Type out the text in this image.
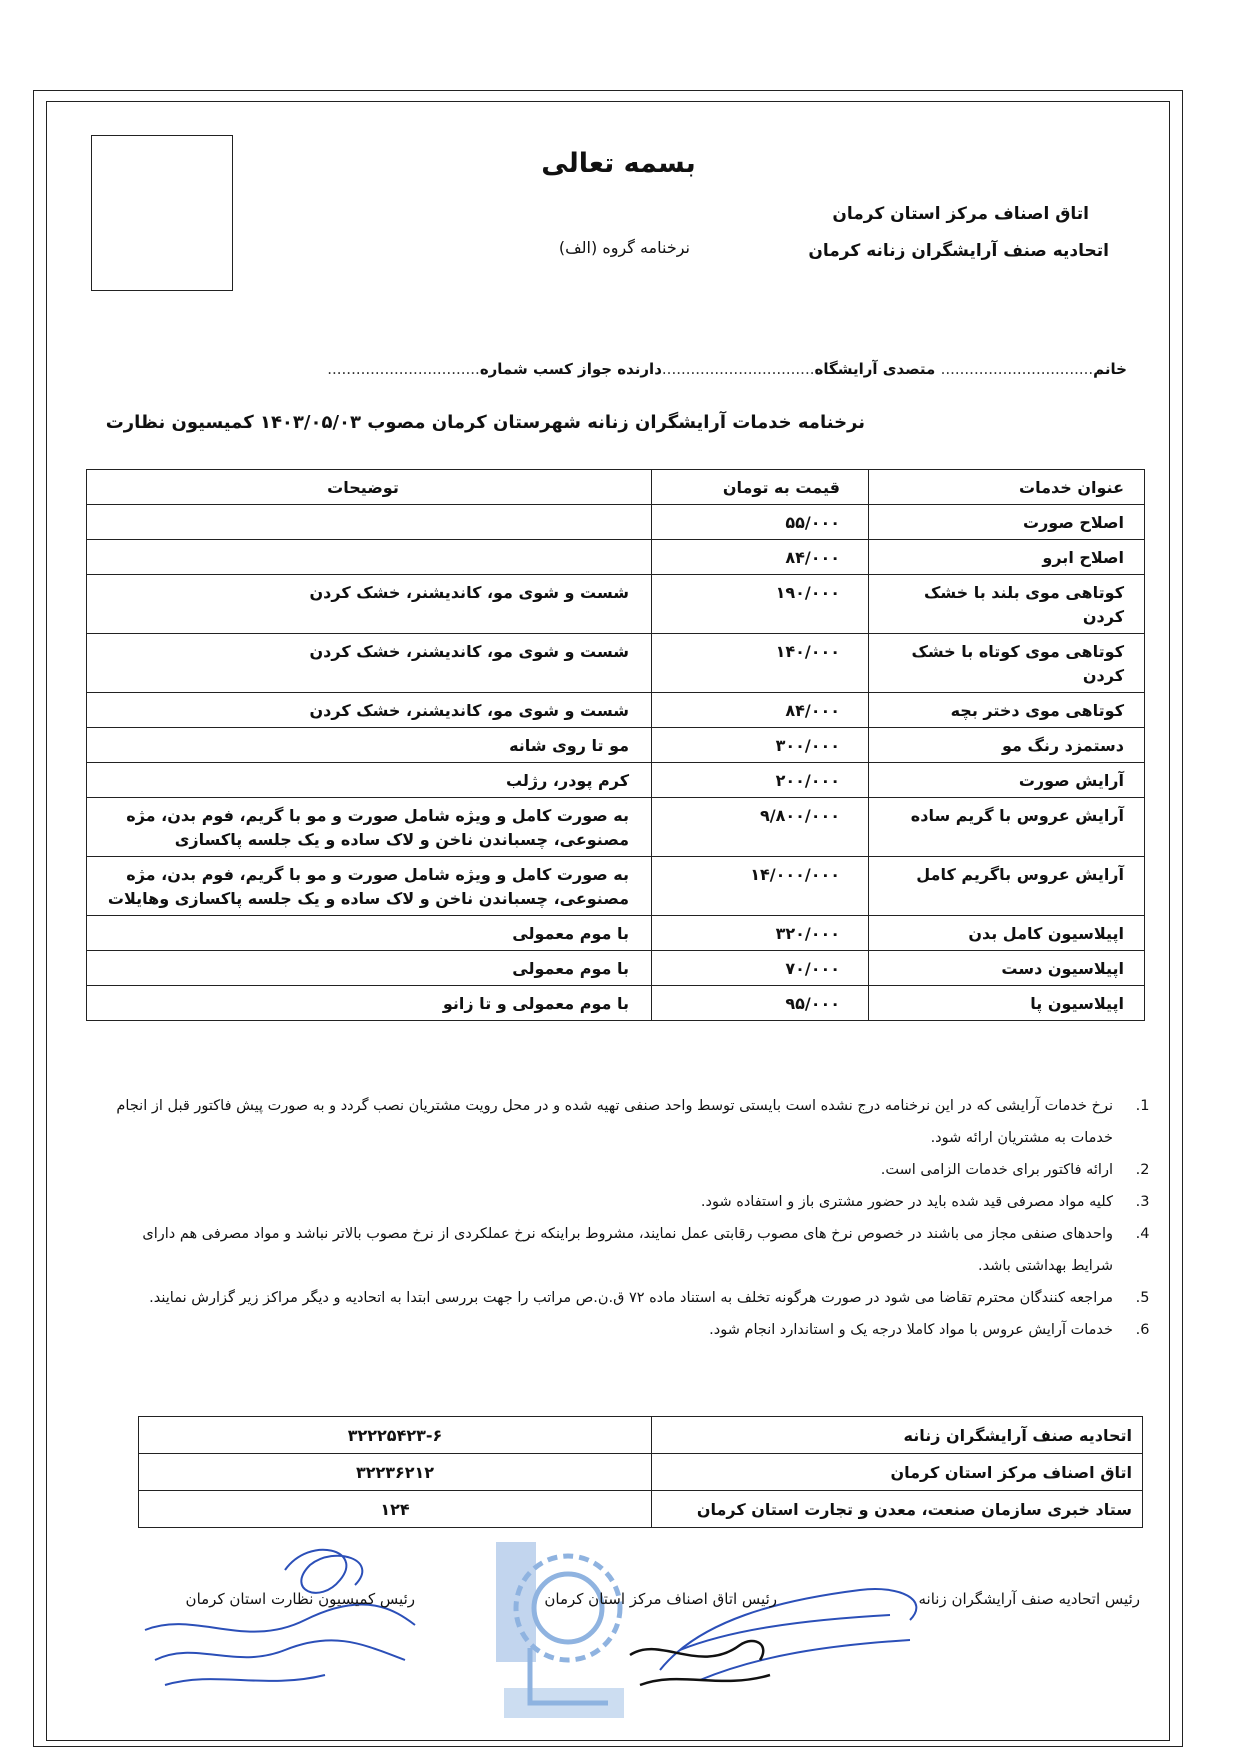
بسمه تعالی
اتاق اصناف مرکز استان کرمان
اتحادیه صنف آرایشگران زنانه کرمان
نرخنامه گروه (الف)
خانم................................ متصدی آرایشگاه................................دارنده جواز کسب شماره................................
نرخنامه خدمات آرایشگران زنانه شهرستان کرمان مصوب ۱۴۰۳/۰۵/۰۳ کمیسیون نظارت
عنوان خدمات	قیمت به تومان	توضیحات
اصلاح صورت	۵۵/۰۰۰	
اصلاح ابرو	۸۴/۰۰۰	
کوتاهی موی بلند با خشک کردن	۱۹۰/۰۰۰	شست و شوی مو، کاندیشنر، خشک کردن
کوتاهی موی کوتاه با خشک کردن	۱۴۰/۰۰۰	شست و شوی مو، کاندیشنر، خشک کردن
کوتاهی موی دختر بچه	۸۴/۰۰۰	شست و شوی مو، کاندیشنر، خشک کردن
دستمزد رنگ مو	۳۰۰/۰۰۰	مو تا روی شانه
آرایش صورت	۲۰۰/۰۰۰	کرم پودر، رژلب
آرایش عروس با گریم ساده	۹/۸۰۰/۰۰۰	به صورت کامل و ویژه شامل صورت و مو با گریم، فوم بدن، مژه مصنوعی، چسباندن ناخن و لاک ساده و یک جلسه پاکسازی
آرایش عروس باگریم کامل	۱۴/۰۰۰/۰۰۰	به صورت کامل و ویژه شامل صورت و مو با گریم، فوم بدن، مژه مصنوعی، چسباندن ناخن و لاک ساده و یک جلسه پاکسازی وهایلات
اپیلاسیون کامل بدن	۳۲۰/۰۰۰	با موم معمولی
اپیلاسیون دست	۷۰/۰۰۰	با موم معمولی
اپیلاسیون پا	۹۵/۰۰۰	با موم معمولی و تا زانو
1. نرخ خدمات آرایشی که در این نرخنامه درج نشده است بایستی توسط واحد صنفی تهیه شده و در محل رویت مشتریان نصب گردد و به صورت پیش فاکتور قبل از انجام خدمات به مشتریان ارائه شود.
2. ارائه فاکتور برای خدمات الزامی است.
3. کلیه مواد مصرفی قید شده باید در حضور مشتری باز و استفاده شود.
4. واحدهای صنفی مجاز می باشند در خصوص نرخ های مصوب رقابتی عمل نمایند، مشروط براینکه نرخ عملکردی از نرخ مصوب بالاتر نباشد و مواد مصرفی هم دارای شرایط بهداشتی باشد.
5. مراجعه کنندگان محترم تقاضا می شود در صورت هرگونه تخلف به استناد ماده ۷۲ ق.ن.ص مراتب را جهت بررسی ابتدا به اتحادیه و دیگر مراکز زیر گزارش نمایند.
6. خدمات آرایش عروس با مواد کاملا درجه یک و استاندارد انجام شود.
اتحادیه صنف آرایشگران زنانه	۳۲۲۲۵۴۲۳-۶
اتاق اصناف مرکز استان کرمان	۳۲۲۳۶۲۱۲
ستاد خبری سازمان صنعت، معدن و تجارت استان کرمان	۱۲۴
رئیس اتحادیه صنف آرایشگران زنانه
رئیس اتاق اصناف مرکز استان کرمان
رئیس کمیسیون نظارت استان کرمان
